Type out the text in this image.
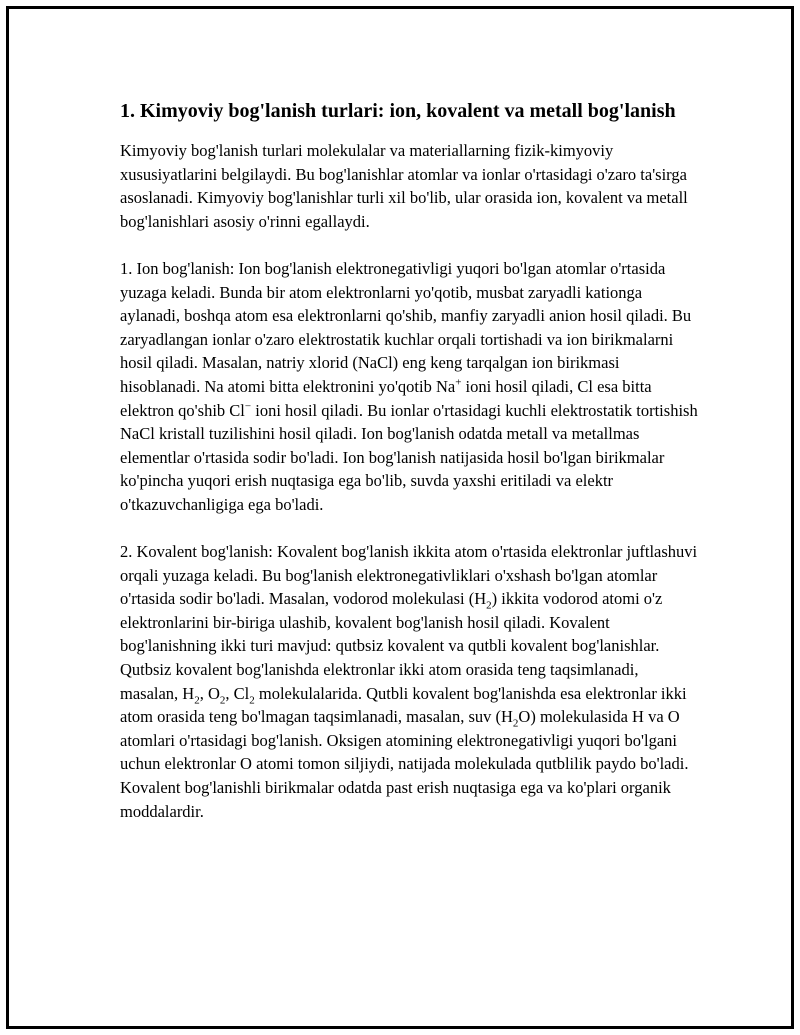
1. Kimyoviy bog'lanish turlari: ion, kovalent va metall bog'lanish

Kimyoviy bog'lanish turlari molekulalar va materiallarning fizik-kimyoviy xususiyatlarini belgilaydi. Bu bog'lanishlar atomlar va ionlar o'rtasidagi o'zaro ta'sirga asoslanadi. Kimyoviy bog'lanishlar turli xil bo'lib, ular orasida ion, kovalent va metall bog'lanishlari asosiy o'rinni egallaydi.

1. Ion bog'lanish: Ion bog'lanish elektronegativligi yuqori bo'lgan atomlar o'rtasida yuzaga keladi. Bunda bir atom elektronlarni yo'qotib, musbat zaryadli kationga aylanadi, boshqa atom esa elektronlarni qo'shib, manfiy zaryadli anion hosil qiladi. Bu zaryadlangan ionlar o'zaro elektrostatik kuchlar orqali tortishadi va ion birikmalarni hosil qiladi. Masalan, natriy xlorid (NaCl) eng keng tarqalgan ion birikmasi hisoblanadi. Na atomi bitta elektronini yo'qotib Na+ ioni hosil qiladi, Cl esa bitta elektron qo'shib Cl− ioni hosil qiladi. Bu ionlar o'rtasidagi kuchli elektrostatik tortishish NaCl kristall tuzilishini hosil qiladi. Ion bog'lanish odatda metall va metallmas elementlar o'rtasida sodir bo'ladi. Ion bog'lanish natijasida hosil bo'lgan birikmalar ko'pincha yuqori erish nuqtasiga ega bo'lib, suvda yaxshi eritiladi va elektr o'tkazuvchanligiga ega bo'ladi.

2. Kovalent bog'lanish: Kovalent bog'lanish ikkita atom o'rtasida elektronlar juftlashuvi orqali yuzaga keladi. Bu bog'lanish elektronegativliklari o'xshash bo'lgan atomlar o'rtasida sodir bo'ladi. Masalan, vodorod molekulasi $(H_2)$ ikkita vodorod atomi o'z elektronlarini bir-biriga ulashib, kovalent bog'lanish hosil qiladi. Kovalent bog'lanishning ikki turi mavjud: qutbsiz kovalent va qutbli kovalent bog'lanishlar. Qutbsiz kovalent bog'lanishda elektronlar ikki atom orasida teng taqsimlanadi, masalan, $H_2$, $O_2$, $Cl_2$ molekulalarida. Qutbli kovalent bog'lanishda esa elektronlar ikki atom orasida teng bo'lmagan taqsimlanadi, masalan, suv $(H_2O)$ molekulasida H va O atomlari o'rtasidagi bog'lanish. Oksigen atomining elektronegativligi yuqori bo'lgani uchun elektronlar O atomi tomon siljiydi, natijada molekulada qutblilik paydo bo'ladi. Kovalent bog'lanishli birikmalar odatda past erish nuqtasiga ega va ko'plari organik moddalardir.
